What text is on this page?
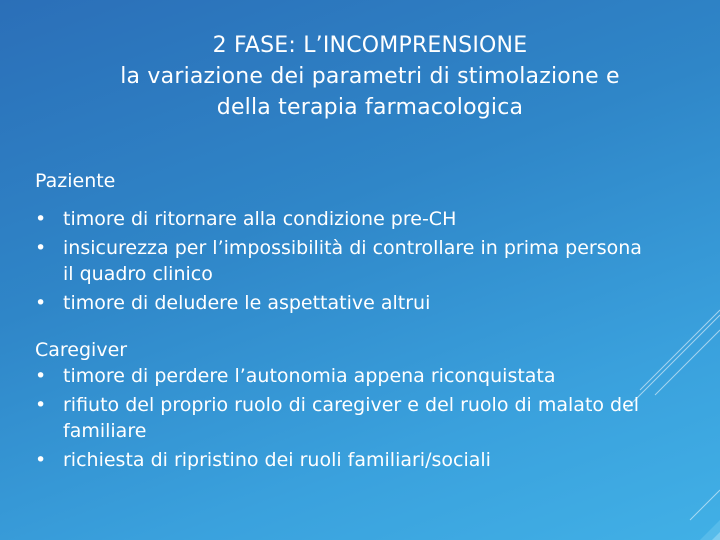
2 FASE: L’INCOMPRENSIONE
la variazione dei parametri di stimolazione e
della terapia farmacologica
Paziente
• timore di ritornare alla condizione pre-CH
• insicurezza per l’impossibilità di controllare in prima persona il quadro clinico
• timore di deludere le aspettative altrui
Caregiver
• timore di perdere l’autonomia appena riconquistata
• rifiuto del proprio ruolo di caregiver e del ruolo di malato del familiare
• richiesta di ripristino dei ruoli familiari/sociali
